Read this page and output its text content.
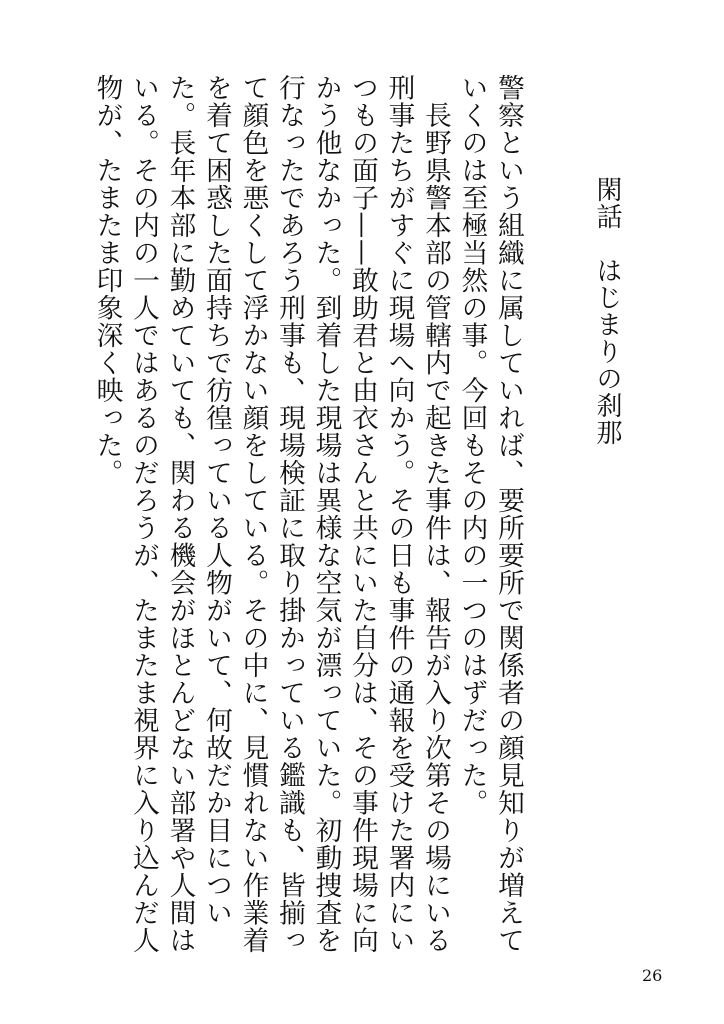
閑話　はじまりの刹那

警察という組織に属していれば、要所要所で関係者の顔見知りが増えていくのは至極当然の事。今回もその内の一つのはずだった。

　長野県警本部の管轄内で起きた事件は、報告が入り次第その場にいる刑事たちがすぐに現場へ向かう。その日も事件の通報を受けた署内にいつもの面子——敢助君と由衣さんと共にいた自分は、その事件現場に向かう他なかった。到着した現場は異様な空気が漂っていた。初動捜査を行なったであろう刑事も、現場検証に取り掛かっている鑑識も、皆揃って顔色を悪くして浮かない顔をしている。その中に、見慣れない作業着を着て困惑した面持ちで彷徨っている人物がいて、何故だか目についた。長年本部に勤めていても、関わる機会がほとんどない部署や人間はいる。その内の一人ではあるのだろうが、たまたま視界に入り込んだ人物が、たまたま印象深く映った。

26
